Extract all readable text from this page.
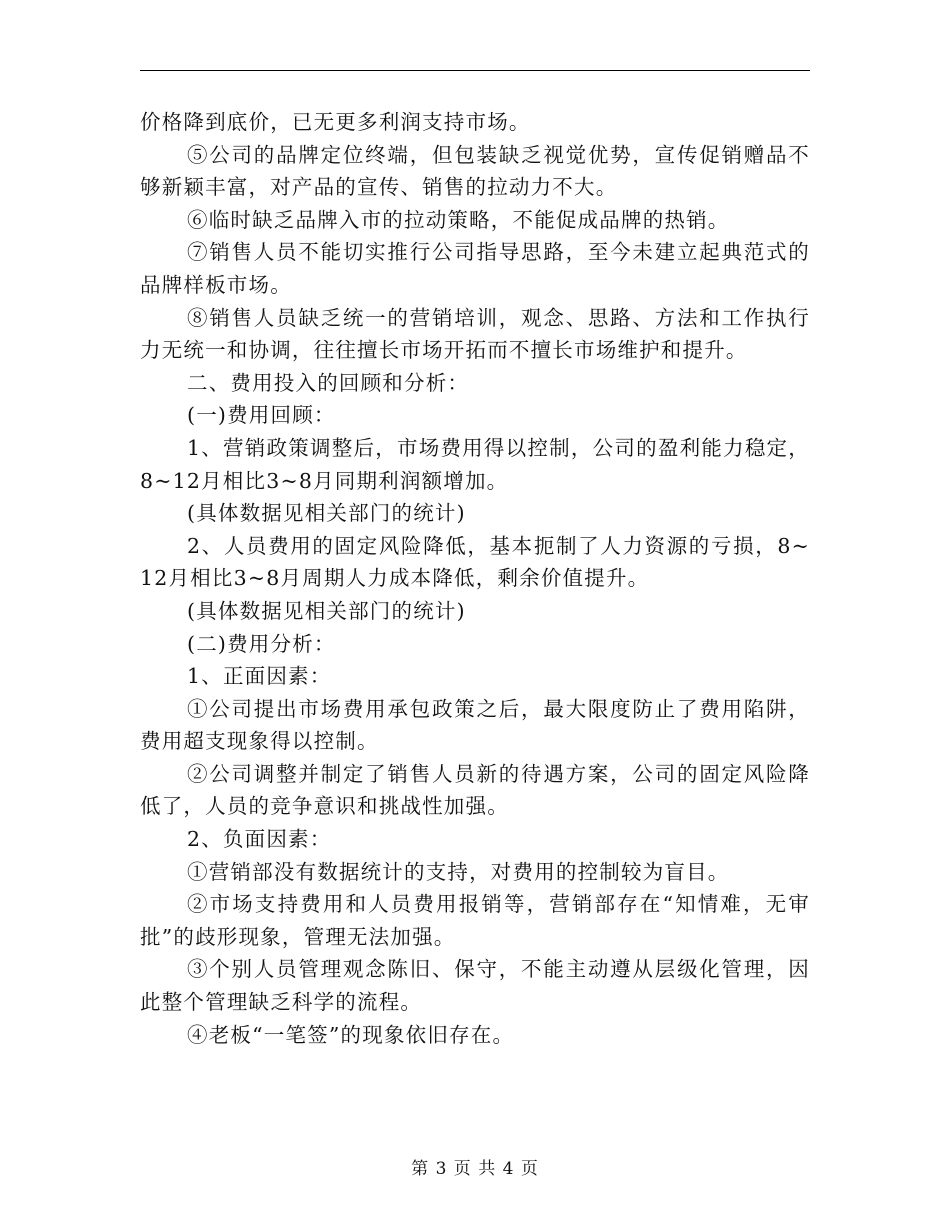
价格降到底价，已无更多利润支持市场。

⑤公司的品牌定位终端，但包装缺乏视觉优势，宣传促销赠品不够新颖丰富，对产品的宣传、销售的拉动力不大。

⑥临时缺乏品牌入市的拉动策略，不能促成品牌的热销。

⑦销售人员不能切实推行公司指导思路，至今未建立起典范式的品牌样板市场。

⑧销售人员缺乏统一的营销培训，观念、思路、方法和工作执行力无统一和协调，往往擅长市场开拓而不擅长市场维护和提升。

二、费用投入的回顾和分析：

(一)费用回顾：

1、营销政策调整后，市场费用得以控制，公司的盈利能力稳定，8~12月相比3~8月同期利润额增加。

(具体数据见相关部门的统计)

2、人员费用的固定风险降低，基本扼制了人力资源的亏损，8~12月相比3~8月周期人力成本降低，剩余价值提升。

(具体数据见相关部门的统计)

(二)费用分析：

1、正面因素：

①公司提出市场费用承包政策之后，最大限度防止了费用陷阱，费用超支现象得以控制。

②公司调整并制定了销售人员新的待遇方案，公司的固定风险降低了，人员的竞争意识和挑战性加强。

2、负面因素：

①营销部没有数据统计的支持，对费用的控制较为盲目。

②市场支持费用和人员费用报销等，营销部存在“知情难，无审批”的歧形现象，管理无法加强。

③个别人员管理观念陈旧、保守，不能主动遵从层级化管理，因此整个管理缺乏科学的流程。

④老板“一笔签”的现象依旧存在。

第 3 页 共 4 页
